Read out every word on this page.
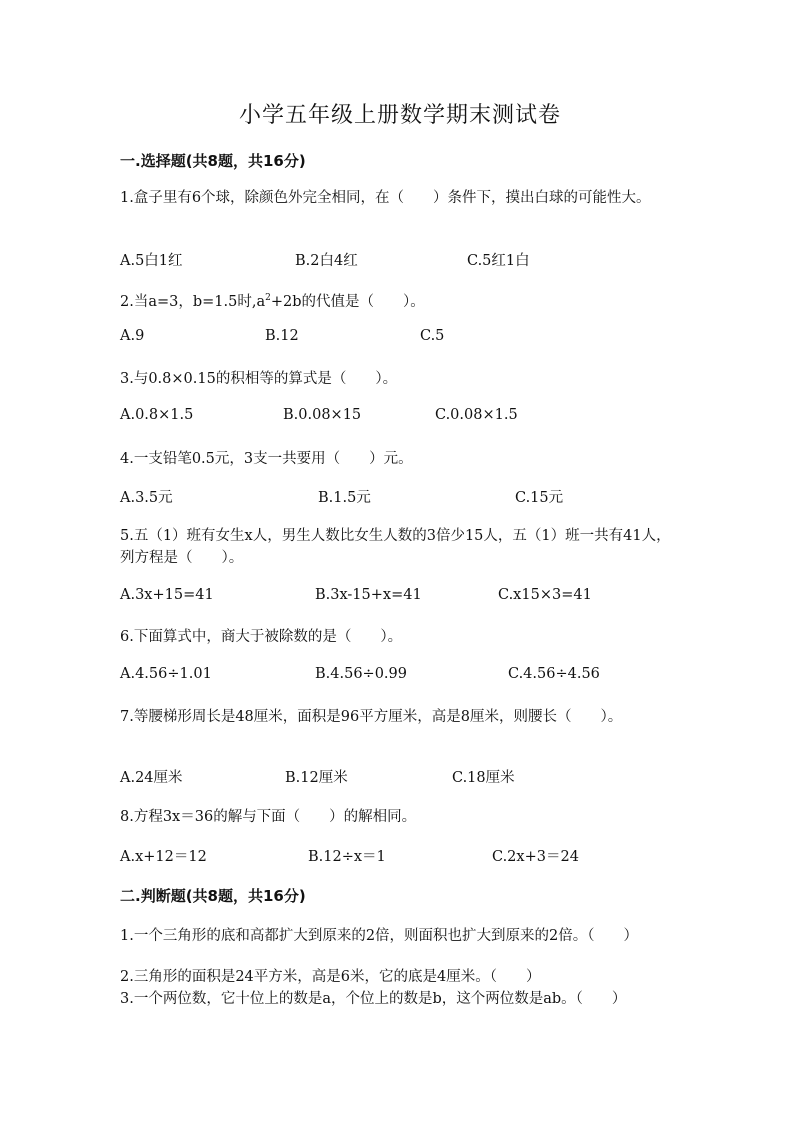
小学五年级上册数学期末测试卷
一.选择题(共8题，共16分)
1.盒子里有6个球，除颜色外完全相同，在（　　）条件下，摸出白球的可能性大。
A.5白1红	B.2白4红	C.5红1白
2.当a=3，b=1.5时$,a^2+2b$的代值是（　　）。
A.9	B.12	C.5
3.与0.8×0.15的积相等的算式是（　　）。
A.0.8×1.5	B.0.08×15	C.0.08×1.5
4.一支铅笔0.5元，3支一共要用（　　）元。
A.3.5元	B.1.5元	C.15元
5.五（1）班有女生x人，男生人数比女生人数的3倍少15人，五（1）班一共有41人，列方程是（　　）。
A.3x+15=41	B.3x-15+x=41	C.x15×3=41
6.下面算式中，商大于被除数的是（　　）。
A.4.56÷1.01	B.4.56÷0.99	C.4.56÷4.56
7.等腰梯形周长是48厘米，面积是96平方厘米，高是8厘米，则腰长（　　）。
A.24厘米	B.12厘米	C.18厘米
8.方程3x＝36的解与下面（　　）的解相同。
A.x+12＝12	B.12÷x＝1	C.2x+3＝24
二.判断题(共8题，共16分)
1.一个三角形的底和高都扩大到原来的2倍，则面积也扩大到原来的2倍。（　　）
2.三角形的面积是24平方米，高是6米，它的底是4厘米。（　　）
3.一个两位数，它十位上的数是a，个位上的数是b，这个两位数是ab。（　　）
